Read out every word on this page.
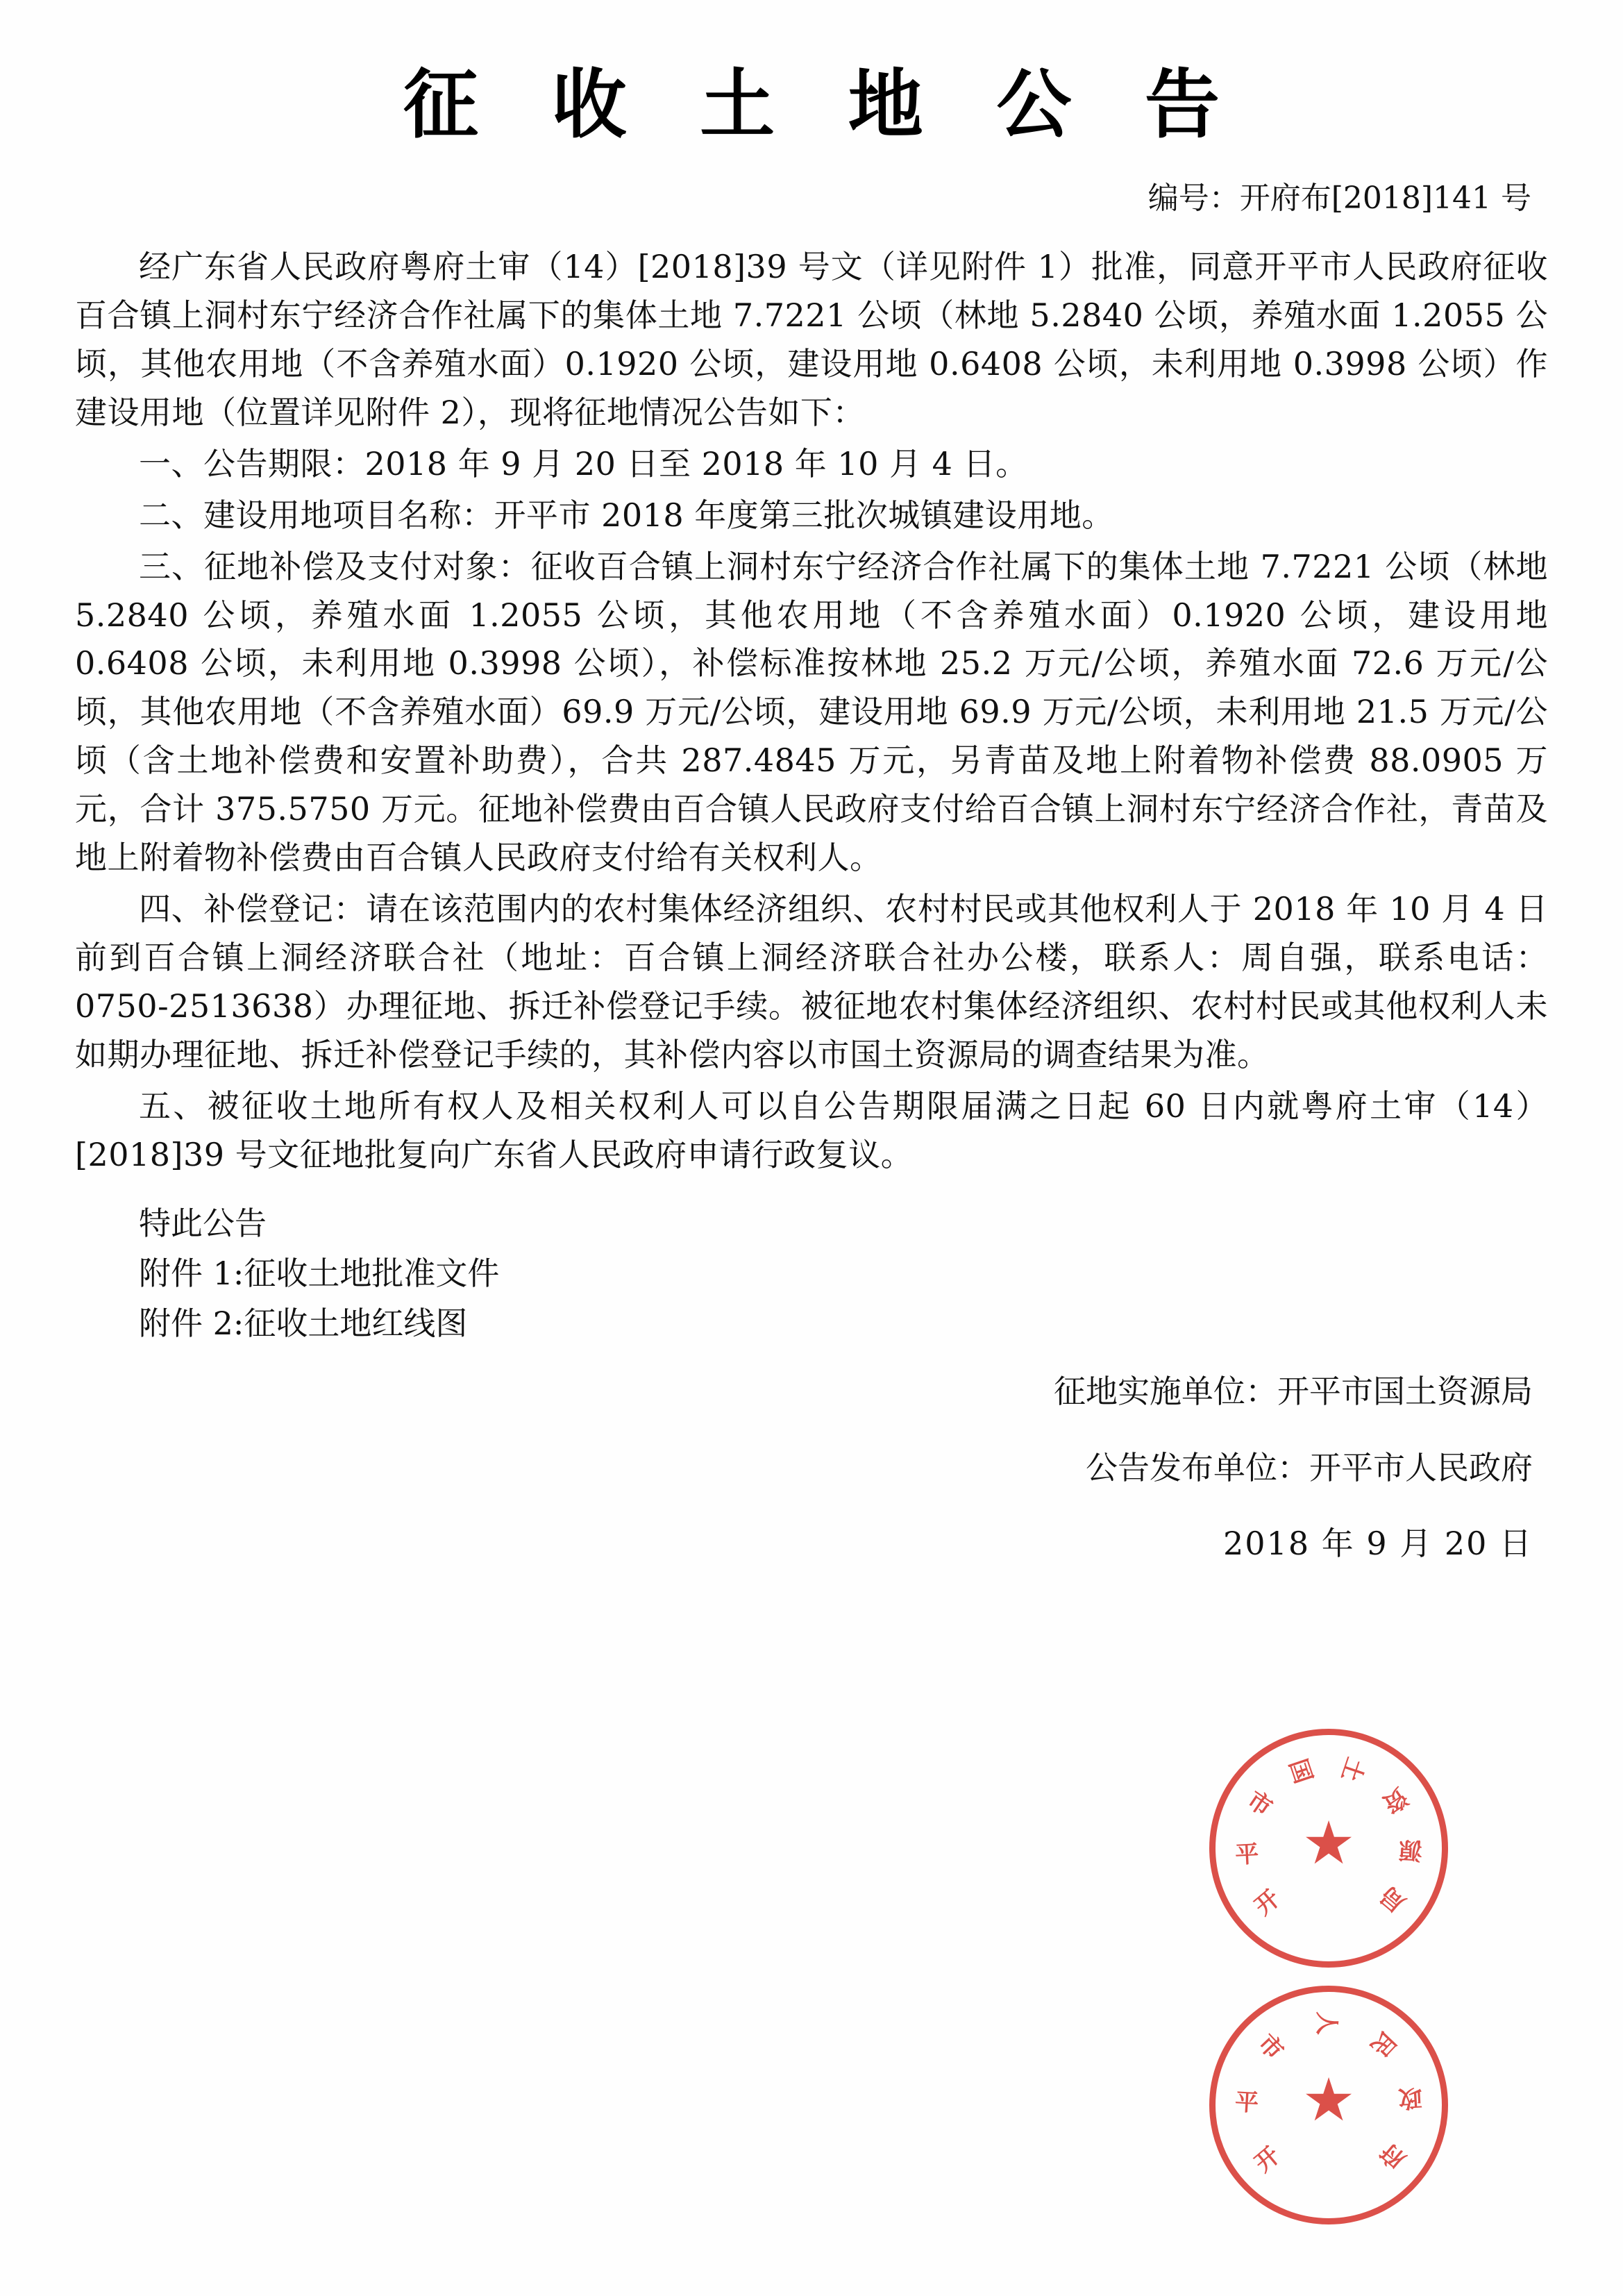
征 收 土 地 公 告
编号：开府布[2018]141 号

经广东省人民政府粤府土审（14）[2018]39 号文（详见附件 1）批准，同意开平市人民政府征收百合镇上洞村东宁经济合作社属下的集体土地 7.7221 公顷（林地 5.2840 公顷，养殖水面 1.2055 公顷，其他农用地（不含养殖水面）0.1920 公顷，建设用地 0.6408 公顷，未利用地 0.3998 公顷）作建设用地（位置详见附件 2），现将征地情况公告如下：

一、公告期限：2018 年 9 月 20 日至 2018 年 10 月 4 日。

二、建设用地项目名称：开平市 2018 年度第三批次城镇建设用地。

三、征地补偿及支付对象：征收百合镇上洞村东宁经济合作社属下的集体土地 7.7221 公顷（林地 5.2840 公顷，养殖水面 1.2055 公顷，其他农用地（不含养殖水面）0.1920 公顷，建设用地 0.6408 公顷，未利用地 0.3998 公顷），补偿标准按林地 25.2 万元/公顷，养殖水面 72.6 万元/公顷，其他农用地（不含养殖水面）69.9 万元/公顷，建设用地 69.9 万元/公顷，未利用地 21.5 万元/公顷（含土地补偿费和安置补助费），合共 287.4845 万元，另青苗及地上附着物补偿费 88.0905 万元，合计 375.5750 万元。征地补偿费由百合镇人民政府支付给百合镇上洞村东宁经济合作社，青苗及地上附着物补偿费由百合镇人民政府支付给有关权利人。

四、补偿登记：请在该范围内的农村集体经济组织、农村村民或其他权利人于 2018 年 10 月 4 日前到百合镇上洞经济联合社（地址：百合镇上洞经济联合社办公楼，联系人：周自强，联系电话：0750-2513638）办理征地、拆迁补偿登记手续。被征地农村集体经济组织、农村村民或其他权利人未如期办理征地、拆迁补偿登记手续的，其补偿内容以市国土资源局的调查结果为准。

五、被征收土地所有权人及相关权利人可以自公告期限届满之日起 60 日内就粤府土审（14）[2018]39 号文征地批复向广东省人民政府申请行政复议。

特此公告
附件 1:征收土地批准文件
附件 2:征收土地红线图
征地实施单位：开平市国土资源局
公告发布单位：开平市人民政府
2018 年 9 月 20 日
开
平
市
国 土
资
源
局
★
开
平
市
人
民
政
府
★
